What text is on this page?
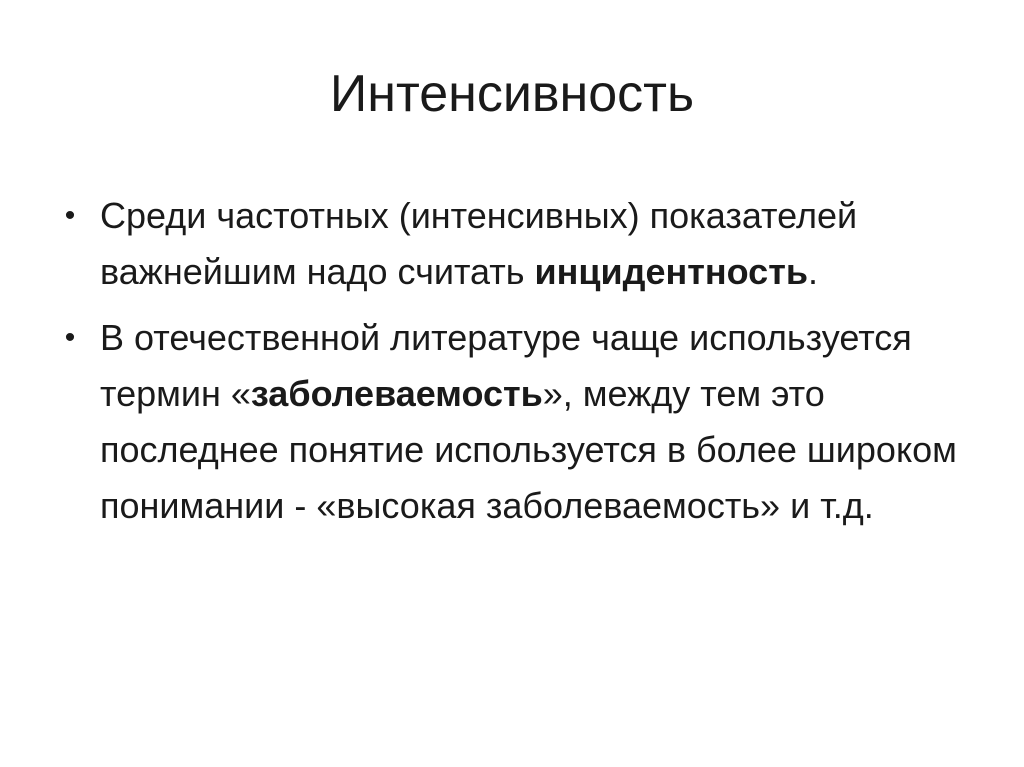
Интенсивность
• Среди частотных (интенсивных) показателей важнейшим надо считать инцидентность.
• В отечественной литературе чаще используется термин «заболеваемость», между тем это последнее понятие используется в более широком понимании - «высокая заболеваемость» и т.д.
